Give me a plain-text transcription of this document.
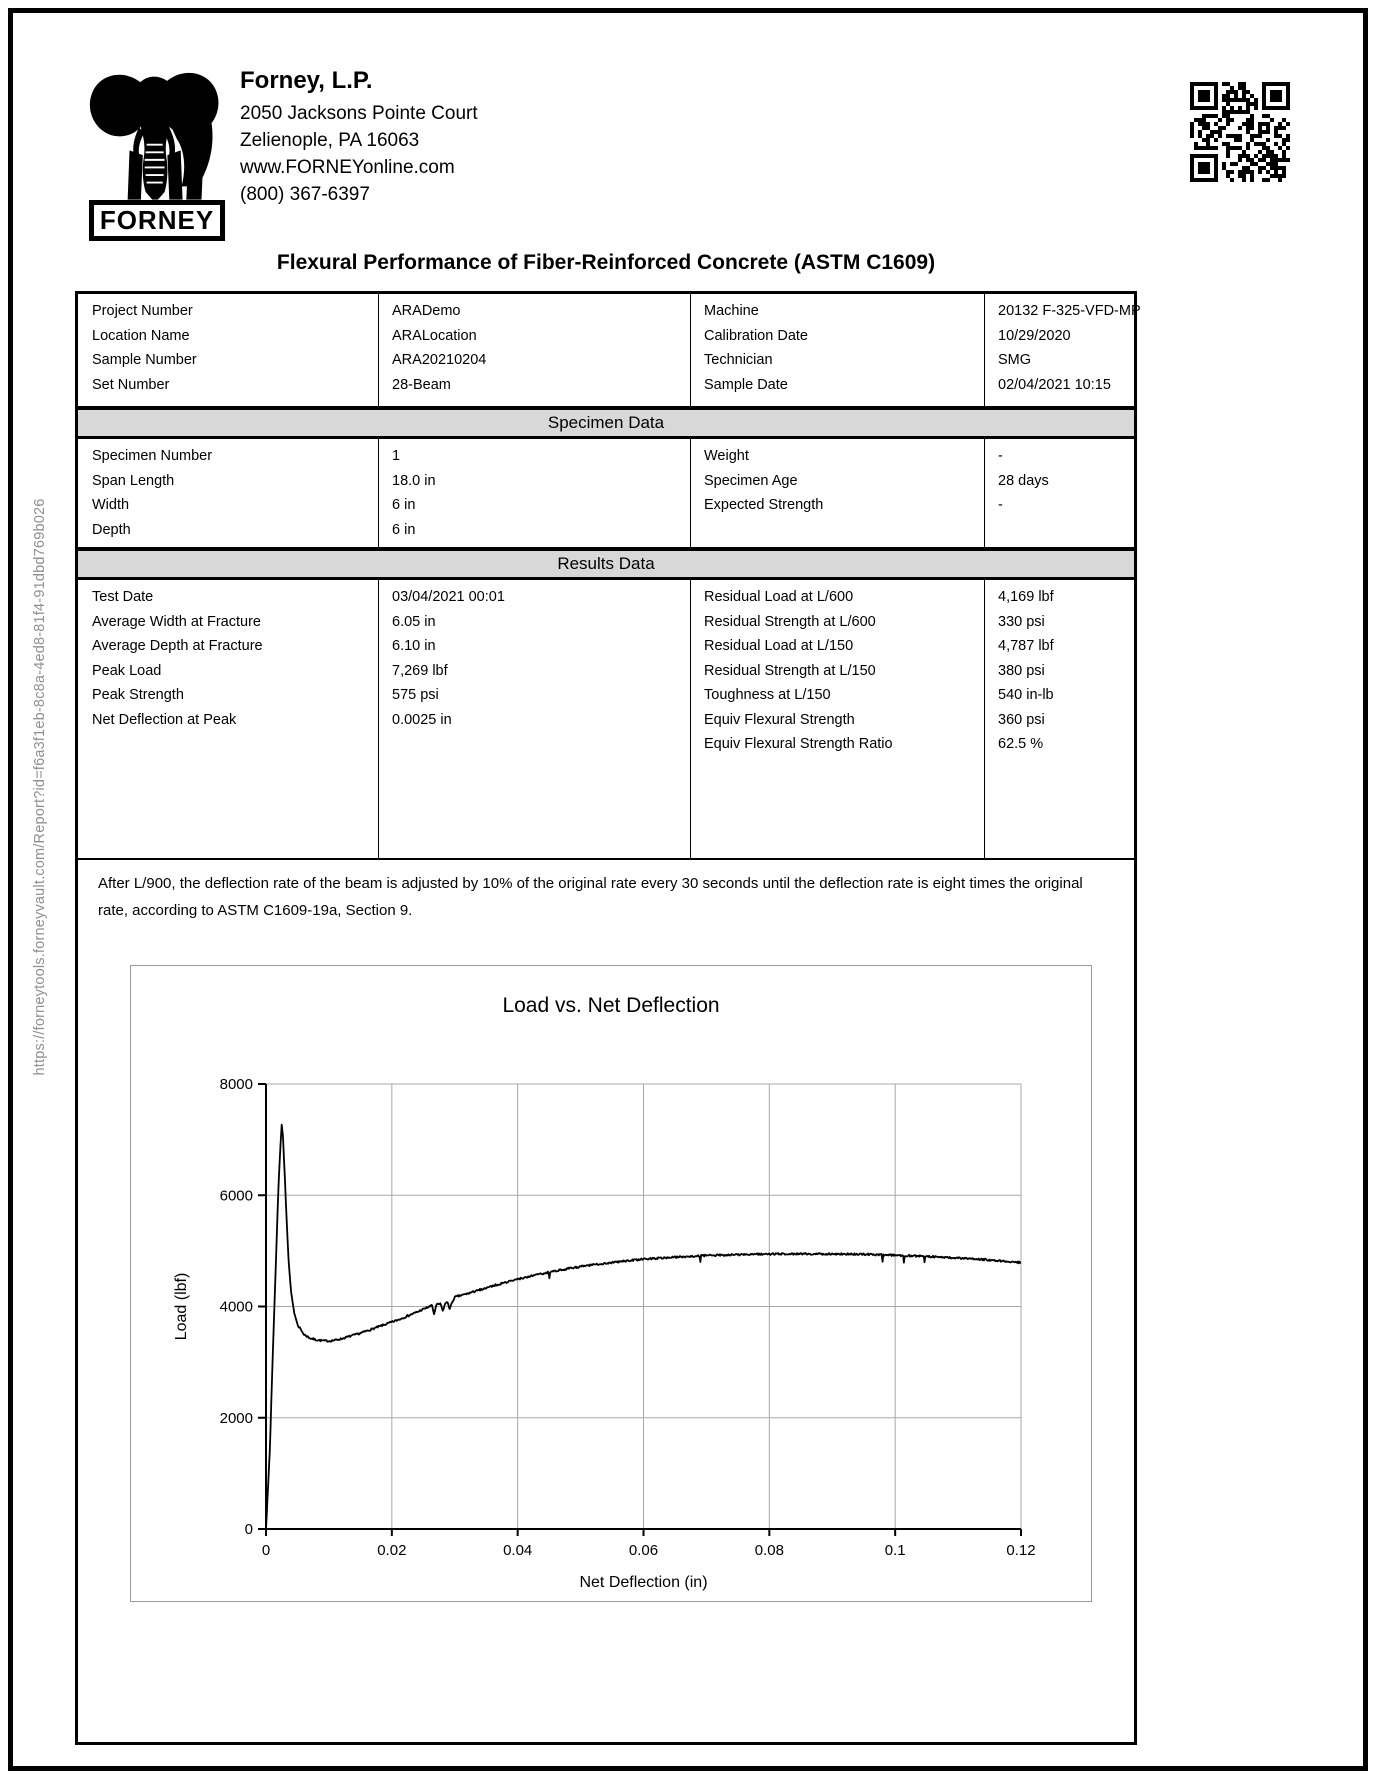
https://forneytools.forneyvault.com/Report?id=f6a3f1eb-8c8a-4ed8-81f4-91dbd769b026
FORNEY
Forney, L.P.
2050 Jacksons Pointe Court
Zelienople, PA 16063
www.FORNEYonline.com
(800) 367-6397
Flexural Performance of Fiber-Reinforced Concrete (ASTM C1609)
Project Number	ARADemo	Machine	20132 F-325-VFD-MP
Location Name	ARALocation	Calibration Date	10/29/2020
Sample Number	ARA20210204	Technician	SMG
Set Number	28-Beam	Sample Date	02/04/2021 10:15
Specimen Data
Specimen Number	1	Weight	-
Span Length	18.0 in	Specimen Age	28 days
Width	6 in	Expected Strength	-
Depth	6 in
Results Data
Test Date	03/04/2021 00:01	Residual Load at L/600	4,169 lbf
Average Width at Fracture	6.05 in	Residual Strength at L/600	330 psi
Average Depth at Fracture	6.10 in	Residual Load at L/150	4,787 lbf
Peak Load	7,269 lbf	Residual Strength at L/150	380 psi
Peak Strength	575 psi	Toughness at L/150	540 in-lb
Net Deflection at Peak	0.0025 in	Equiv Flexural Strength	360 psi
Equiv Flexural Strength Ratio	62.5 %
After L/900, the deflection rate of the beam is adjusted by 10% of the original rate every 30 seconds until the deflection rate is eight times the original rate, according to ASTM C1609-19a, Section 9.
0
2000
4000
6000
8000
0	0.02	0.04	0.06	0.08	0.1	0.12
Load vs. Net Deflection
Net Deflection (in)
Load (lbf)
